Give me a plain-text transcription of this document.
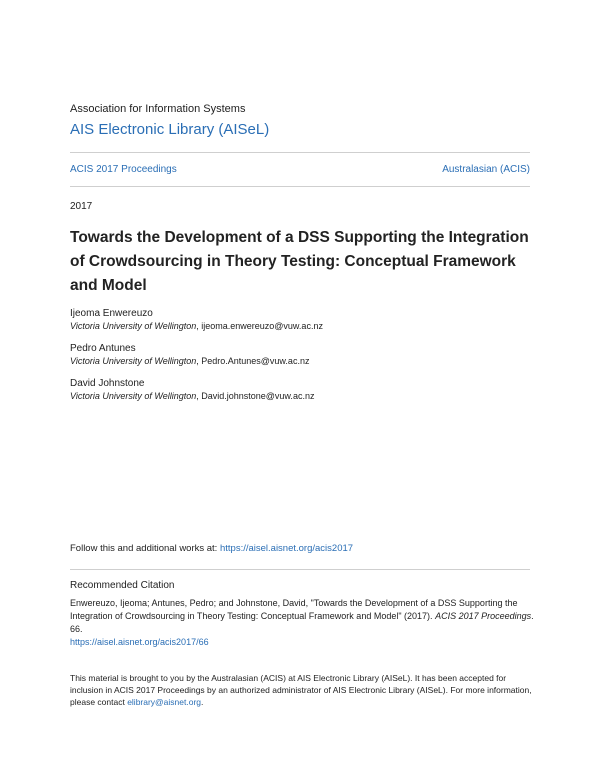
Association for Information Systems
AIS Electronic Library (AISeL)
ACIS 2017 Proceedings	Australasian (ACIS)
2017
Towards the Development of a DSS Supporting the Integration of Crowdsourcing in Theory Testing: Conceptual Framework and Model
Ijeoma Enwereuzo
Victoria University of Wellington, ijeoma.enwereuzo@vuw.ac.nz
Pedro Antunes
Victoria University of Wellington, Pedro.Antunes@vuw.ac.nz
David Johnstone
Victoria University of Wellington, David.johnstone@vuw.ac.nz
Follow this and additional works at: https://aisel.aisnet.org/acis2017
Recommended Citation
Enwereuzo, Ijeoma; Antunes, Pedro; and Johnstone, David, "Towards the Development of a DSS Supporting the Integration of Crowdsourcing in Theory Testing: Conceptual Framework and Model" (2017). ACIS 2017 Proceedings. 66.
https://aisel.aisnet.org/acis2017/66
This material is brought to you by the Australasian (ACIS) at AIS Electronic Library (AISeL). It has been accepted for inclusion in ACIS 2017 Proceedings by an authorized administrator of AIS Electronic Library (AISeL). For more information, please contact elibrary@aisnet.org.
